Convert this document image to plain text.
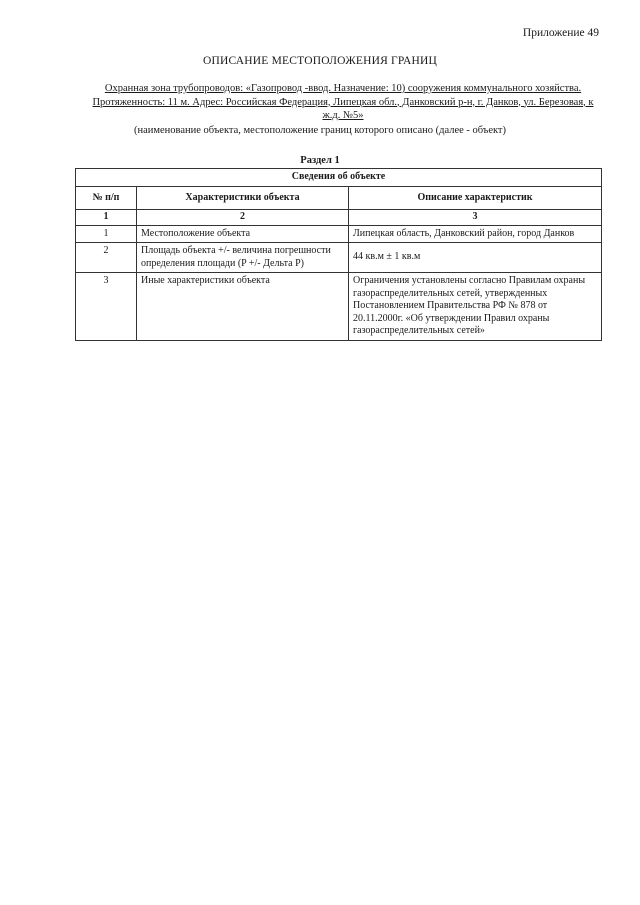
Приложение 49
ОПИСАНИЕ МЕСТОПОЛОЖЕНИЯ ГРАНИЦ
Охранная зона трубопроводов: «Газопровод -ввод. Назначение: 10) сооружения коммунального хозяйства. Протяженность: 11 м. Адрес: Российская Федерация, Липецкая обл., Данковский р-н, г. Данков, ул. Березовая, к ж.д. №5»
(наименование объекта, местоположение границ которого описано (далее - объект)
Раздел 1
Сведения об объекте		
№ п/п	Характеристики объекта	Описание характеристик
1	2	3
1	Местоположение объекта	Липецкая область, Данковский район, город Данков
2	Площадь объекта +/- величина погрешности определения площади (P +/- Дельта P)	44 кв.м ± 1 кв.м
3	Иные характеристики объекта	Ограничения установлены согласно Правилам охраны газораспределительных сетей, утвержденных Постановлением Правительства РФ № 878 от 20.11.2000г. «Об утверждении Правил охраны газораспределительных сетей»
